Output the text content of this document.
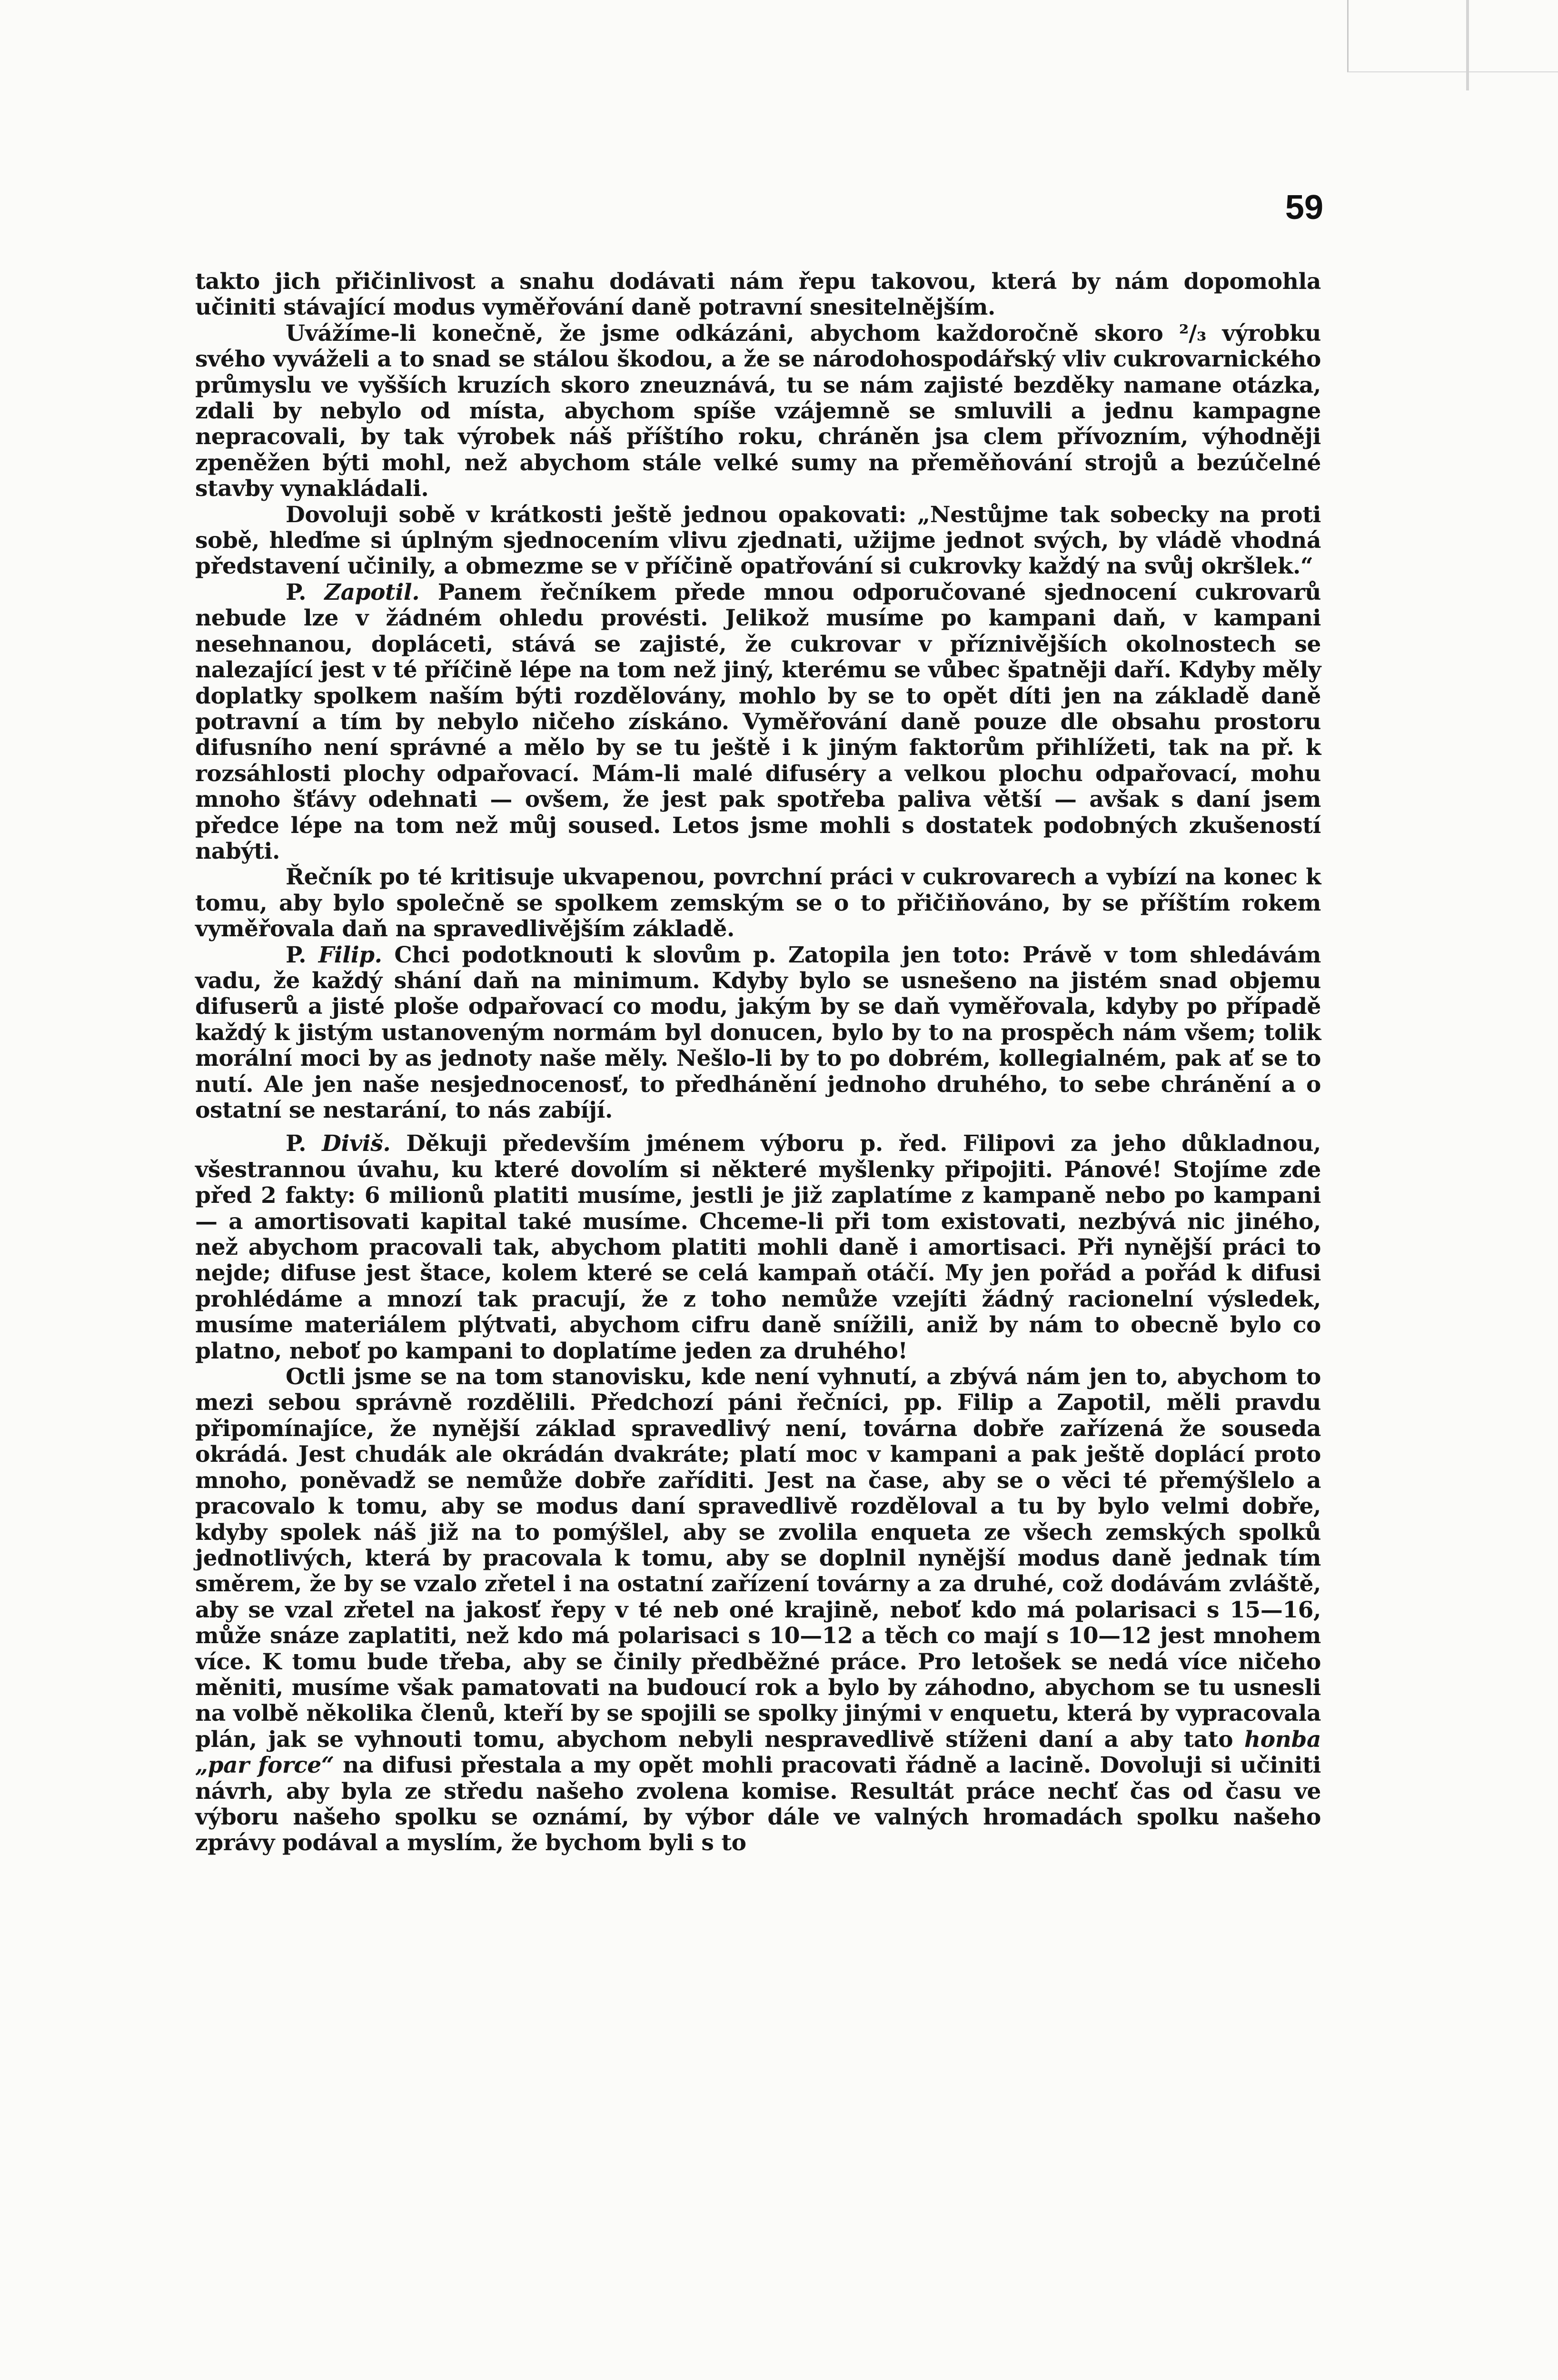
59

takto jich přičinlivost a snahu dodávati nám řepu takovou, která by nám dopomohla učiniti stávající modus vyměřování daně potravní snesitelnějším.

Uvážíme-li konečně, že jsme odkázáni, abychom každoročně skoro ²/₃ výrobku svého vyváželi a to snad se stálou škodou, a že se národohospodářský vliv cukrovarnického průmyslu ve vyšších kruzích skoro zneuznává, tu se nám zajisté bezděky namane otázka, zdali by nebylo od místa, abychom spíše vzájemně se smluvili a jednu kampagne nepracovali, by tak výrobek náš příštího roku, chráněn jsa clem přívozním, výhodněji zpeněžen býti mohl, než abychom stále velké sumy na přeměňování strojů a bezúčelné stavby vynakládali.

Dovoluji sobě v krátkosti ještě jednou opakovati: „Nestůjme tak sobecky na proti sobě, hleďme si úplným sjednocením vlivu zjednati, užijme jednot svých, by vládě vhodná představení učinily, a obmezme se v příčině opatřování si cukrovky každý na svůj okršlek.“

P. Zapotil. Panem řečníkem přede mnou odporučované sjednocení cukrovarů nebude lze v žádném ohledu provésti. Jelikož musíme po kampani daň, v kampani nesehnanou, dopláceti, stává se zajisté, že cukrovar v příznivějších okolnostech se nalezající jest v té příčině lépe na tom než jiný, kterému se vůbec špatněji daří. Kdyby měly doplatky spolkem naším býti rozdělovány, mohlo by se to opět díti jen na základě daně potravní a tím by nebylo ničeho získáno. Vyměřování daně pouze dle obsahu prostoru difusního není správné a mělo by se tu ještě i k jiným faktorům přihlížeti, tak na př. k rozsáhlosti plochy odpařovací. Mám-li malé difuséry a velkou plochu odpařovací, mohu mnoho šťávy odehnati — ovšem, že jest pak spotřeba paliva větší — avšak s daní jsem předce lépe na tom než můj soused. Letos jsme mohli s dostatek podobných zkušeností nabýti.

Řečník po té kritisuje ukvapenou, povrchní práci v cukrovarech a vybízí na konec k tomu, aby bylo společně se spolkem zemským se o to přičiňováno, by se příštím rokem vyměřovala daň na spravedlivějším základě.

P. Filip. Chci podotknouti k slovům p. Zatopila jen toto: Právě v tom shledávám vadu, že každý shání daň na minimum. Kdyby bylo se usnešeno na jistém snad objemu difuserů a jisté ploše odpařovací co modu, jakým by se daň vyměřovala, kdyby po případě každý k jistým ustanoveným normám byl donucen, bylo by to na prospěch nám všem; tolik morální moci by as jednoty naše měly. Nešlo-li by to po dobrém, kollegialném, pak ať se to nutí. Ale jen naše nesjednocenosť, to předhánění jednoho druhého, to sebe chránění a o ostatní se nestarání, to nás zabíjí.

P. Diviš. Děkuji především jménem výboru p. řed. Filipovi za jeho důkladnou, všestrannou úvahu, ku které dovolím si některé myšlenky připojiti. Pánové! Stojíme zde před 2 fakty: 6 milionů platiti musíme, jestli je již zaplatíme z kampaně nebo po kampani — a amortisovati kapital také musíme. Chceme-li při tom existovati, nezbývá nic jiného, než abychom pracovali tak, abychom platiti mohli daně i amortisaci. Při nynější práci to nejde; difuse jest štace, kolem které se celá kampaň otáčí. My jen pořád a pořád k difusi prohlédáme a mnozí tak pracují, že z toho nemůže vzejíti žádný racionelní výsledek, musíme materiálem plýtvati, abychom cifru daně snížili, aniž by nám to obecně bylo co platno, neboť po kampani to doplatíme jeden za druhého!

Octli jsme se na tom stanovisku, kde není vyhnutí, a zbývá nám jen to, abychom to mezi sebou správně rozdělili. Předchozí páni řečníci, pp. Filip a Zapotil, měli pravdu připomínajíce, že nynější základ spravedlivý není, továrna dobře zařízená že souseda okrádá. Jest chudák ale okrádán dvakráte; platí moc v kampani a pak ještě doplácí proto mnoho, poněvadž se nemůže dobře zaříditi. Jest na čase, aby se o věci té přemýšlelo a pracovalo k tomu, aby se modus daní spravedlivě rozděloval a tu by bylo velmi dobře, kdyby spolek náš již na to pomýšlel, aby se zvolila enqueta ze všech zemských spolků jednotlivých, která by pracovala k tomu, aby se doplnil nynější modus daně jednak tím směrem, že by se vzalo zřetel i na ostatní zařízení továrny a za druhé, což dodávám zvláště, aby se vzal zřetel na jakosť řepy v té neb oné krajině, neboť kdo má polarisaci s 15—16, může snáze zaplatiti, než kdo má polarisaci s 10—12 a těch co mají s 10—12 jest mnohem více. K tomu bude třeba, aby se činily předběžné práce. Pro letošek se nedá více ničeho měniti, musíme však pamatovati na budoucí rok a bylo by záhodno, abychom se tu usnesli na volbě několika členů, kteří by se spojili se spolky jinými v enquetu, která by vypracovala plán, jak se vyhnouti tomu, abychom nebyli nespravedlivě stíženi daní a aby tato honba „par force“ na difusi přestala a my opět mohli pracovati řádně a lacině. Dovoluji si učiniti návrh, aby byla ze středu našeho zvolena komise. Resultát práce nechť čas od času ve výboru našeho spolku se oznámí, by výbor dále ve valných hromadách spolku našeho zprávy podával a myslím, že bychom byli s to
